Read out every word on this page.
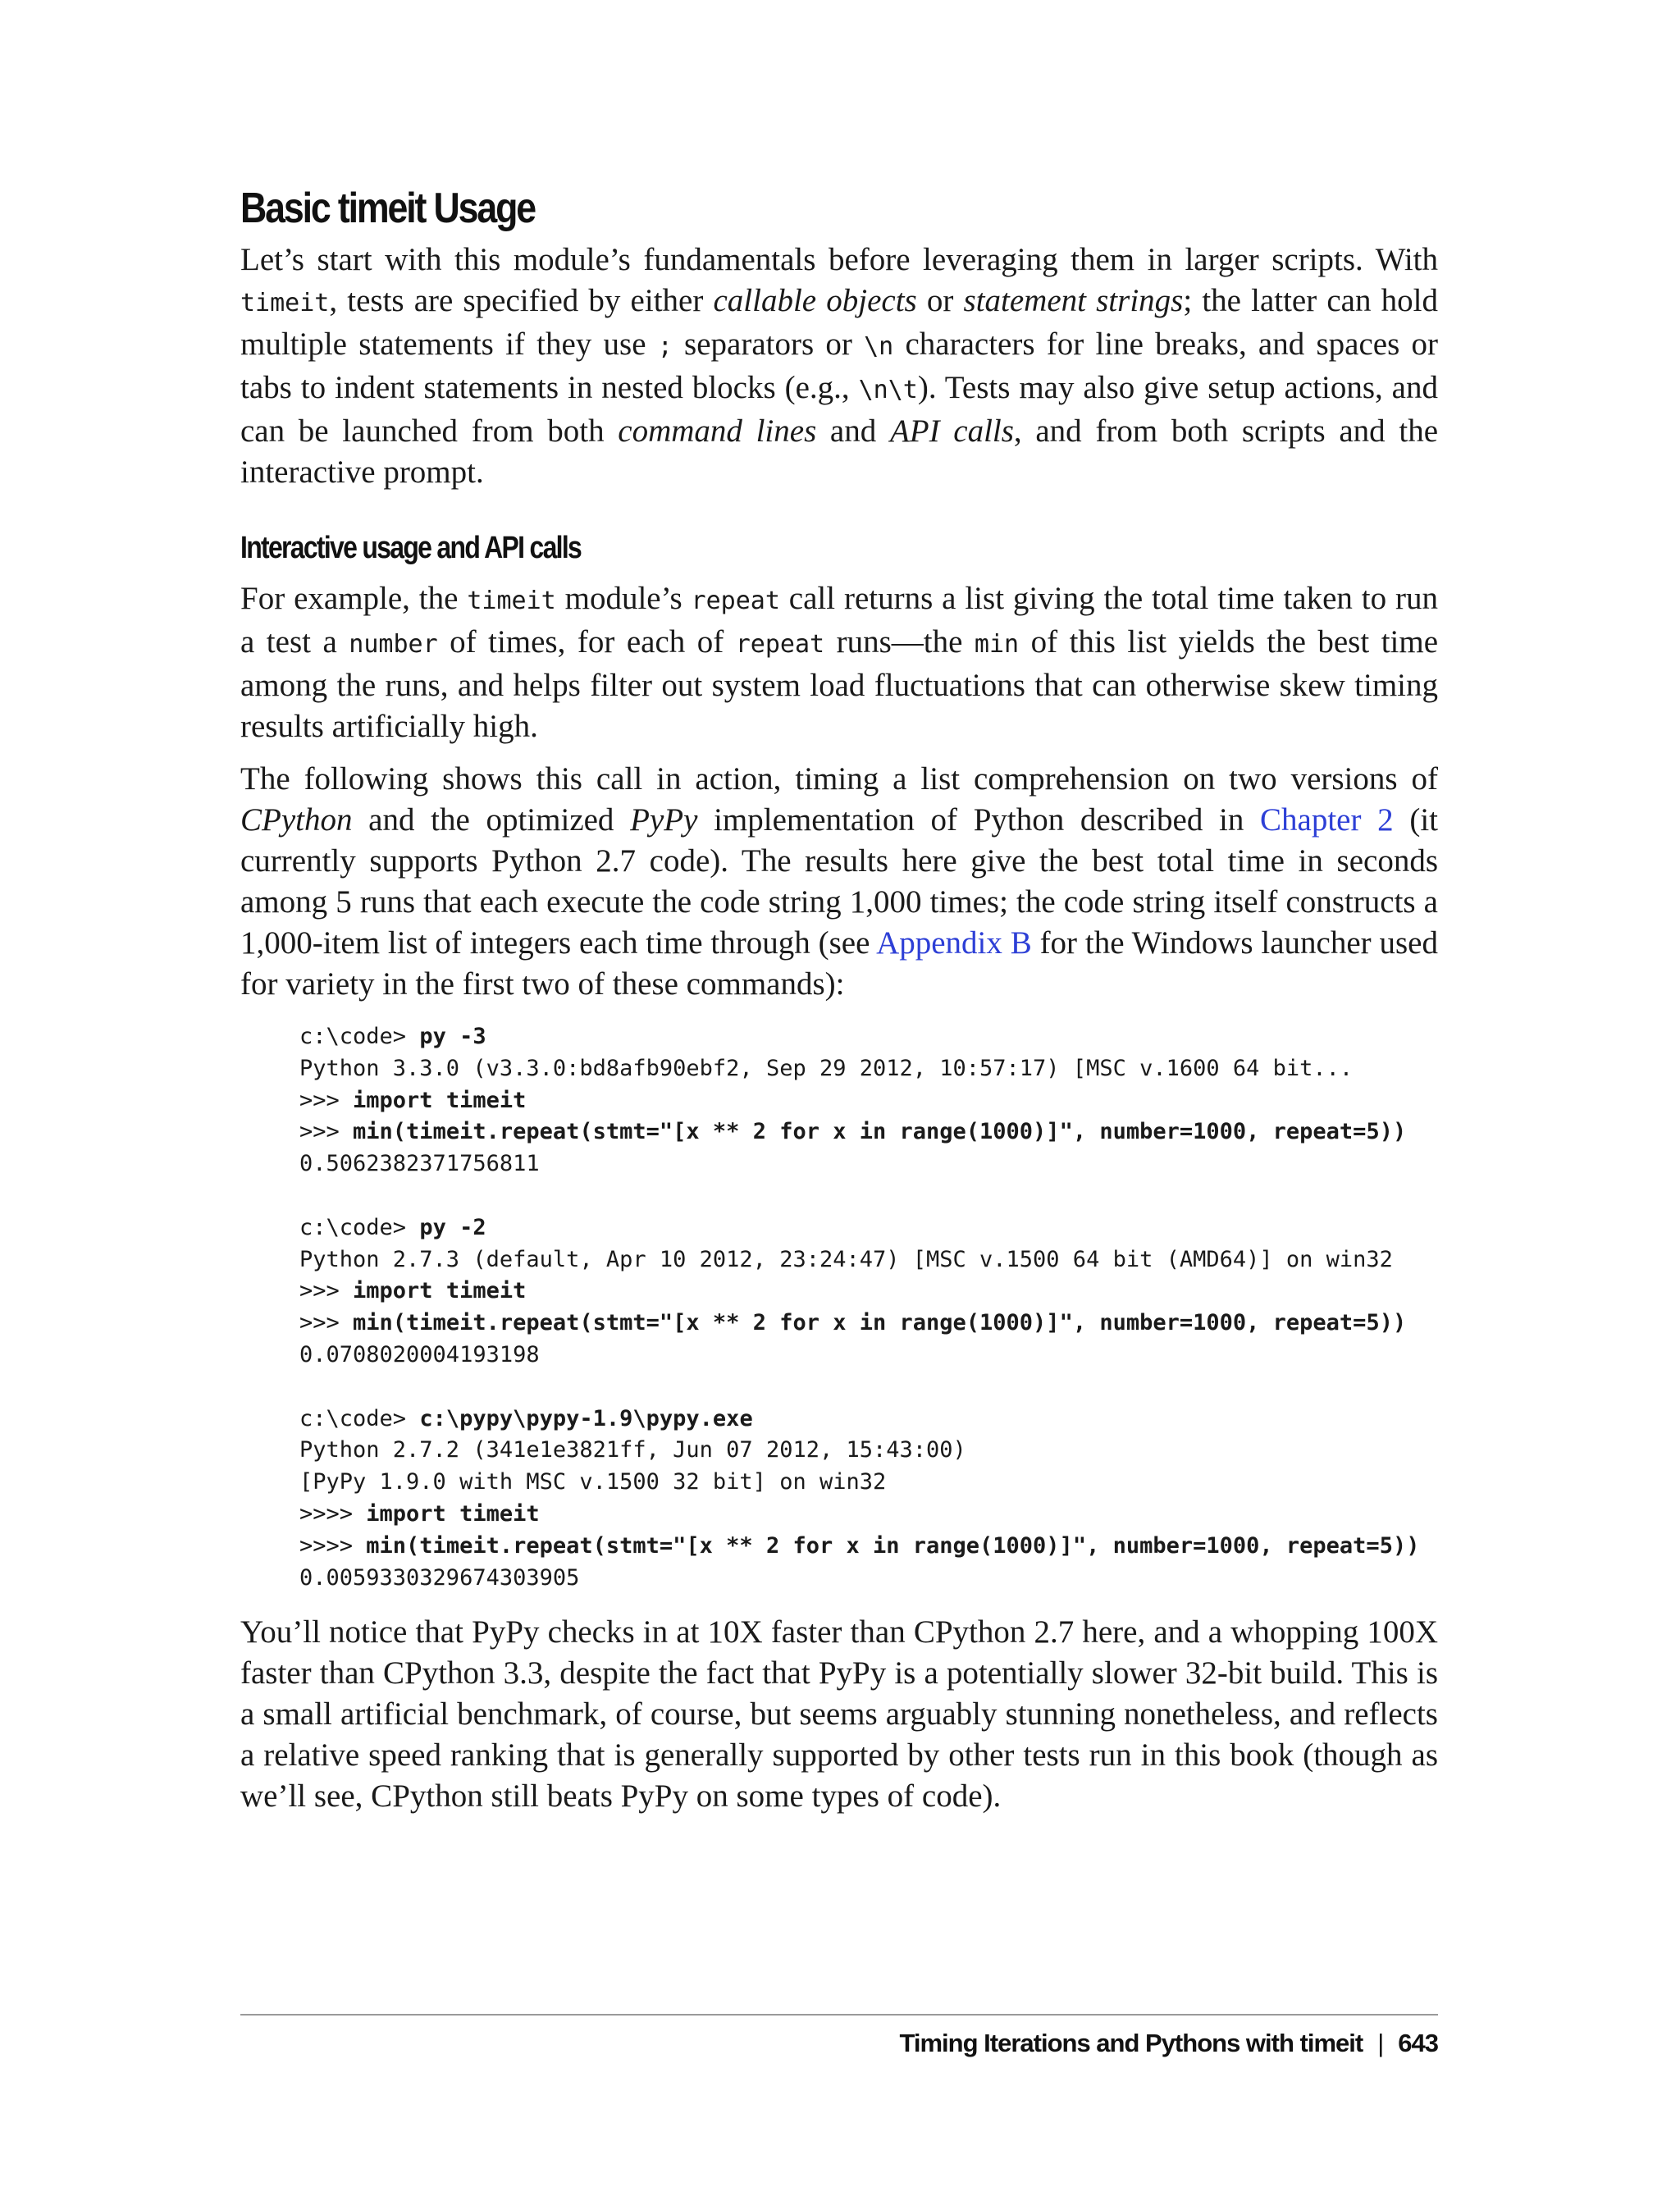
Basic timeit Usage

Let’s start with this module’s fundamentals before leveraging them in larger scripts. With timeit, tests are specified by either callable objects or statement strings; the latter can hold multiple statements if they use ; separators or \n characters for line breaks, and spaces or tabs to indent statements in nested blocks (e.g., \n\t). Tests may also give setup actions, and can be launched from both command lines and API calls, and from both scripts and the interactive prompt.

Interactive usage and API calls

For example, the timeit module’s repeat call returns a list giving the total time taken to run a test a number of times, for each of repeat runs—the min of this list yields the best time among the runs, and helps filter out system load fluctuations that can otherwise skew timing results artificially high.

The following shows this call in action, timing a list comprehension on two versions of CPython and the optimized PyPy implementation of Python described in Chapter 2 (it currently supports Python 2.7 code). The results here give the best total time in seconds among 5 runs that each execute the code string 1,000 times; the code string itself constructs a 1,000-item list of integers each time through (see Appendix B for the Windows launcher used for variety in the first two of these commands):

c:\code> py -3
Python 3.3.0 (v3.3.0:bd8afb90ebf2, Sep 29 2012, 10:57:17) [MSC v.1600 64 bit...
>>> import timeit
>>> min(timeit.repeat(stmt="[x ** 2 for x in range(1000)]", number=1000, repeat=5))
0.5062382371756811

c:\code> py -2
Python 2.7.3 (default, Apr 10 2012, 23:24:47) [MSC v.1500 64 bit (AMD64)] on win32
>>> import timeit
>>> min(timeit.repeat(stmt="[x ** 2 for x in range(1000)]", number=1000, repeat=5))
0.0708020004193198

c:\code> c:\pypy\pypy-1.9\pypy.exe
Python 2.7.2 (341e1e3821ff, Jun 07 2012, 15:43:00)
[PyPy 1.9.0 with MSC v.1500 32 bit] on win32
>>>> import timeit
>>>> min(timeit.repeat(stmt="[x ** 2 for x in range(1000)]", number=1000, repeat=5))
0.0059330329674303905

You’ll notice that PyPy checks in at 10X faster than CPython 2.7 here, and a whopping 100X faster than CPython 3.3, despite the fact that PyPy is a potentially slower 32-bit build. This is a small artificial benchmark, of course, but seems arguably stunning nonetheless, and reflects a relative speed ranking that is generally supported by other tests run in this book (though as we’ll see, CPython still beats PyPy on some types of code).

Timing Iterations and Pythons with timeit | 643
